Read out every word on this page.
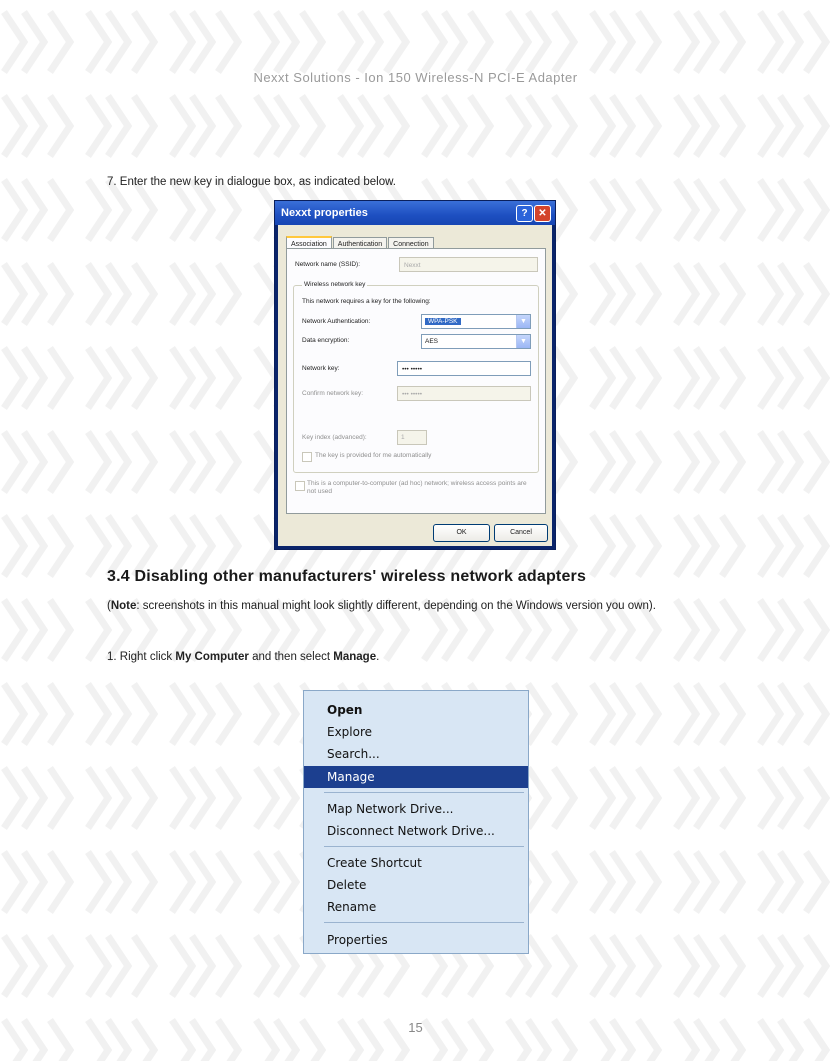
Nexxt Solutions - Ion 150 Wireless-N PCI-E Adapter
7. Enter the new key in dialogue box, as indicated below.
Nexxt properties	?	✕
Association Authentication Connection
Network name (SSID):	Nexxt
Wireless network key
This network requires a key for the following:
Network Authentication:	WPA-PSK	▼
Data encryption:	AES	▼
Network key:	••• •••••
Confirm network key:	••• •••••
Key index (advanced):	1
The key is provided for me automatically
This is a computer-to-computer (ad hoc) network; wireless access points are not used
OK	Cancel
3.4 Disabling other manufacturers' wireless network adapters
(Note: screenshots in this manual might look slightly different, depending on the Windows version you own).
1. Right click My Computer and then select Manage.
Open
Explore
Search...
Manage
Map Network Drive...
Disconnect Network Drive...
Create Shortcut
Delete
Rename
Properties
15
